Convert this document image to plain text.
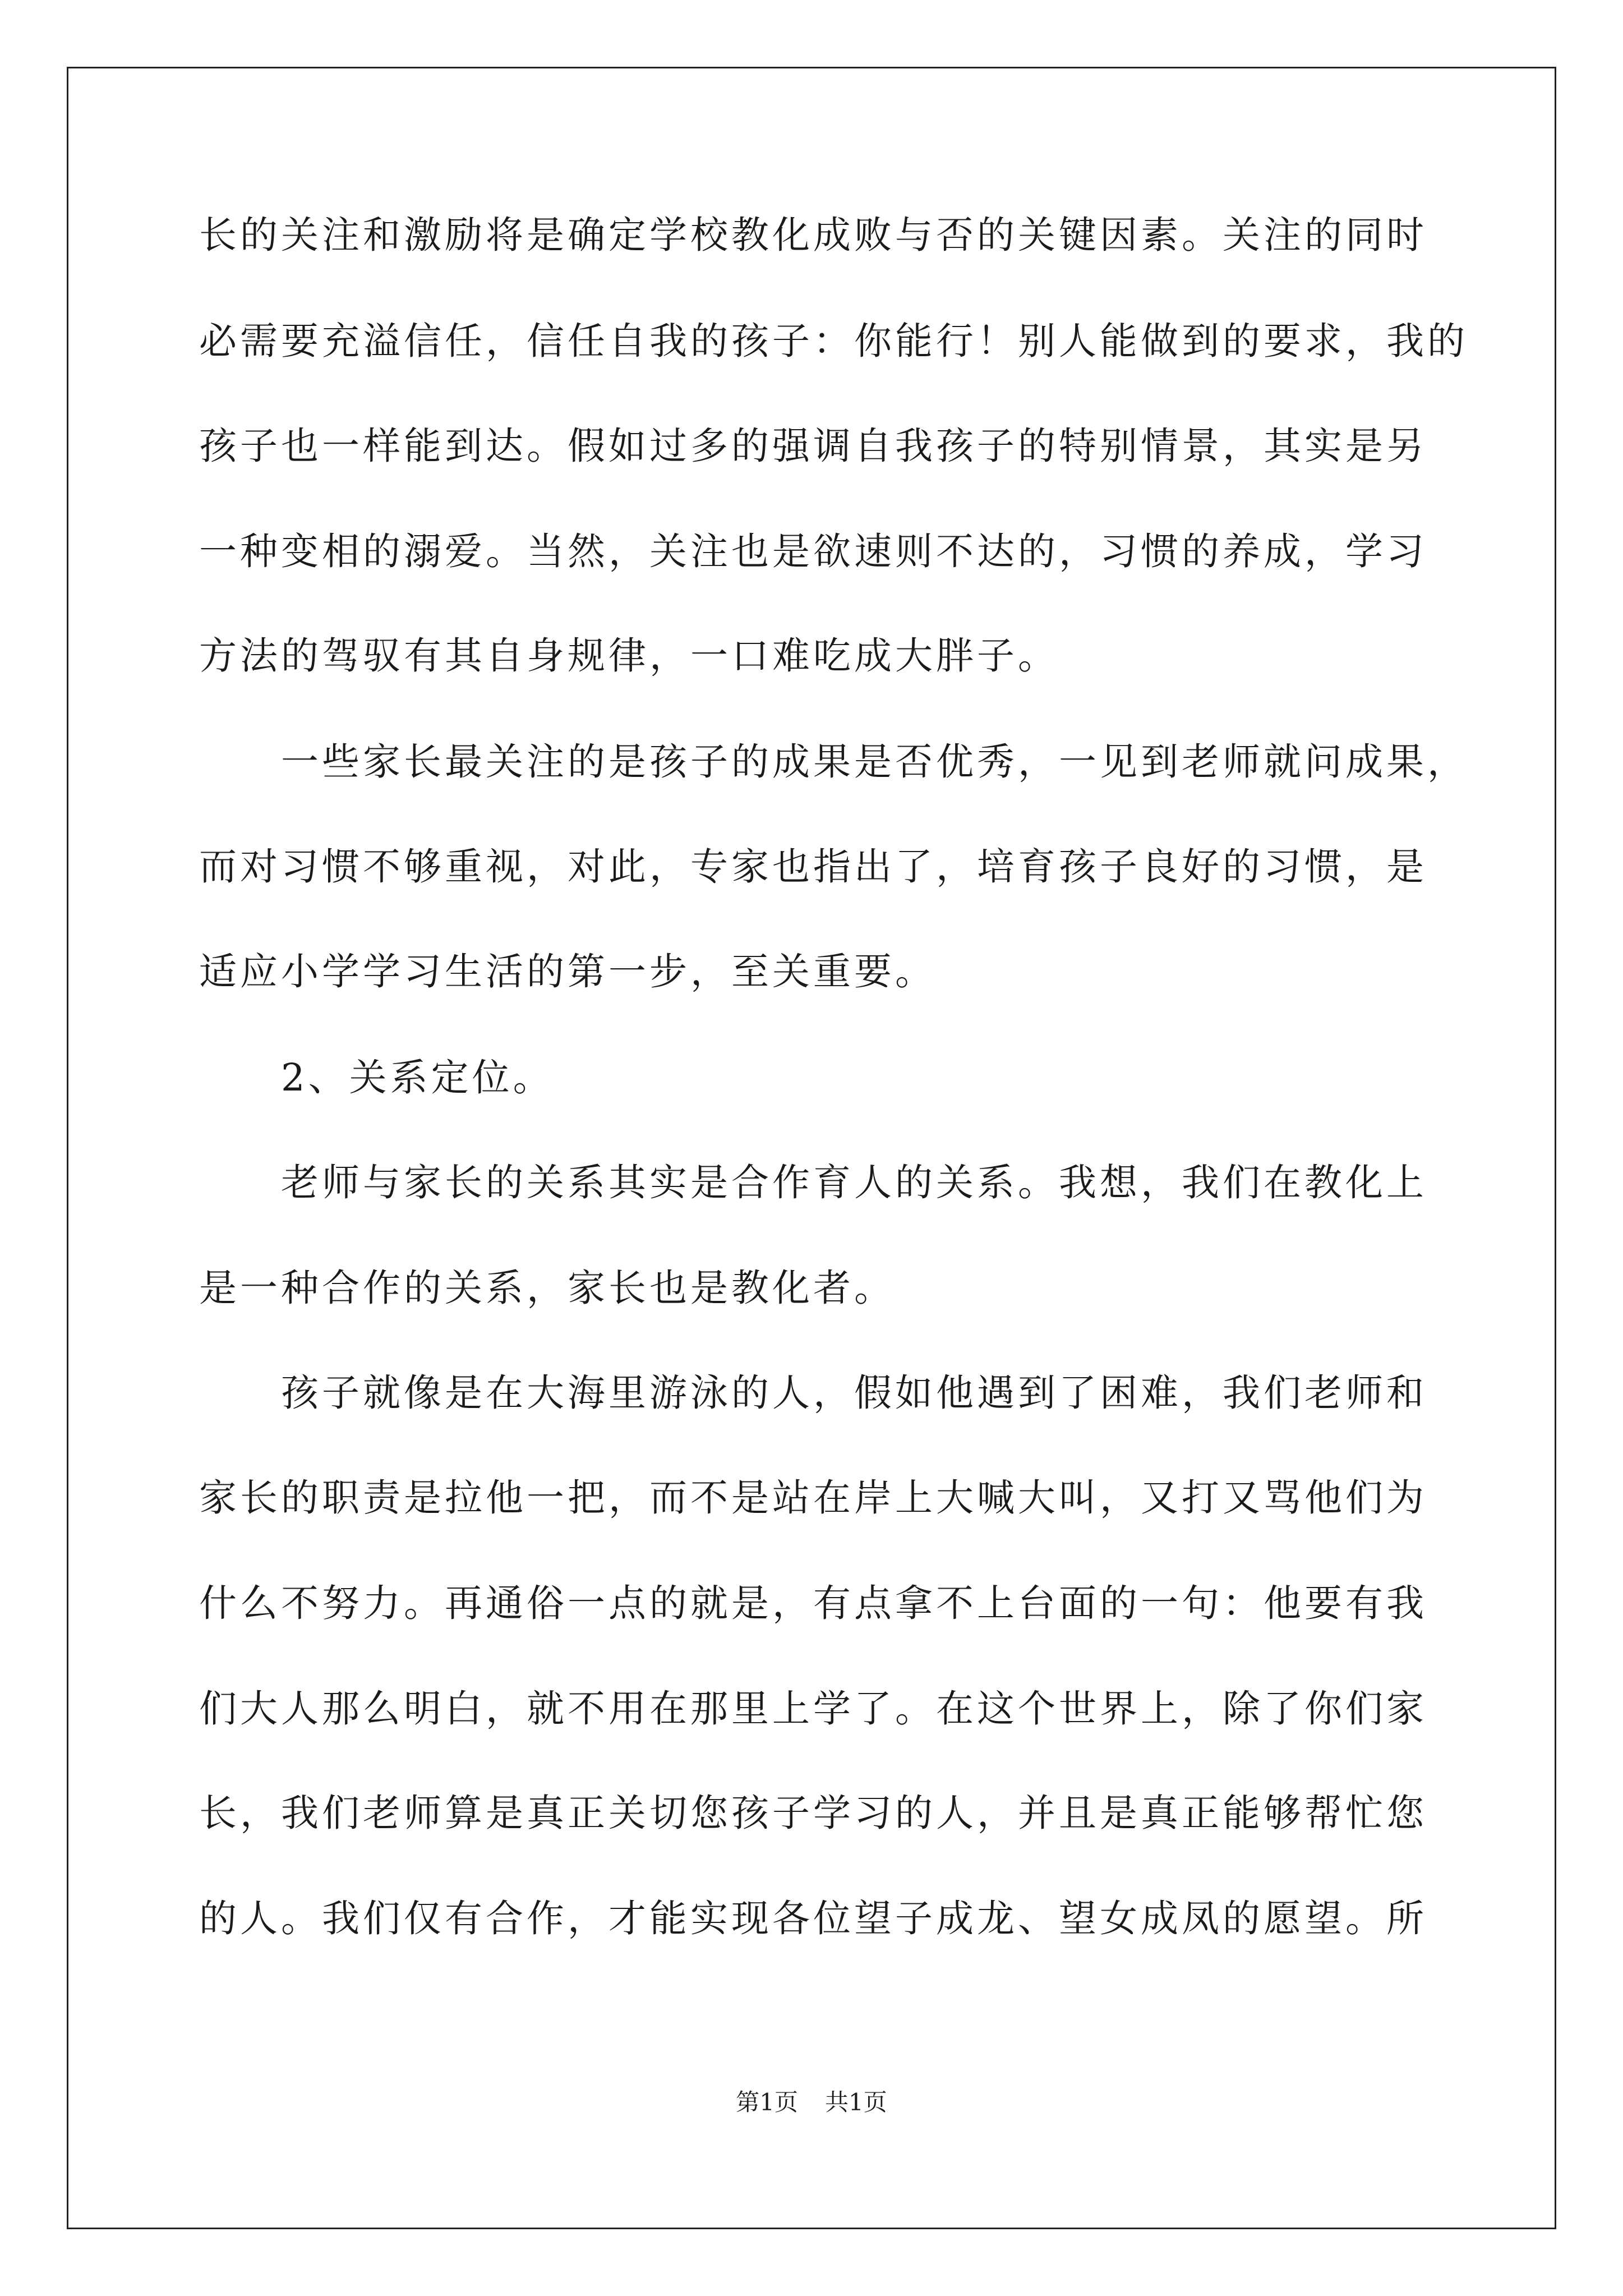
长的关注和激励将是确定学校教化成败与否的关键因素。关注的同时
必需要充溢信任，信任自我的孩子：你能行！别人能做到的要求，我的
孩子也一样能到达。假如过多的强调自我孩子的特别情景，其实是另
一种变相的溺爱。当然，关注也是欲速则不达的，习惯的养成，学习
方法的驾驭有其自身规律，一口难吃成大胖子。
一些家长最关注的是孩子的成果是否优秀，一见到老师就问成果，
而对习惯不够重视，对此，专家也指出了，培育孩子良好的习惯，是
适应小学学习生活的第一步，至关重要。
2、关系定位。
老师与家长的关系其实是合作育人的关系。我想，我们在教化上
是一种合作的关系，家长也是教化者。
孩子就像是在大海里游泳的人，假如他遇到了困难，我们老师和
家长的职责是拉他一把，而不是站在岸上大喊大叫，又打又骂他们为
什么不努力。再通俗一点的就是，有点拿不上台面的一句：他要有我
们大人那么明白，就不用在那里上学了。在这个世界上，除了你们家
长，我们老师算是真正关切您孩子学习的人，并且是真正能够帮忙您
的人。我们仅有合作，才能实现各位望子成龙、望女成凤的愿望。所
第1页 共1页
